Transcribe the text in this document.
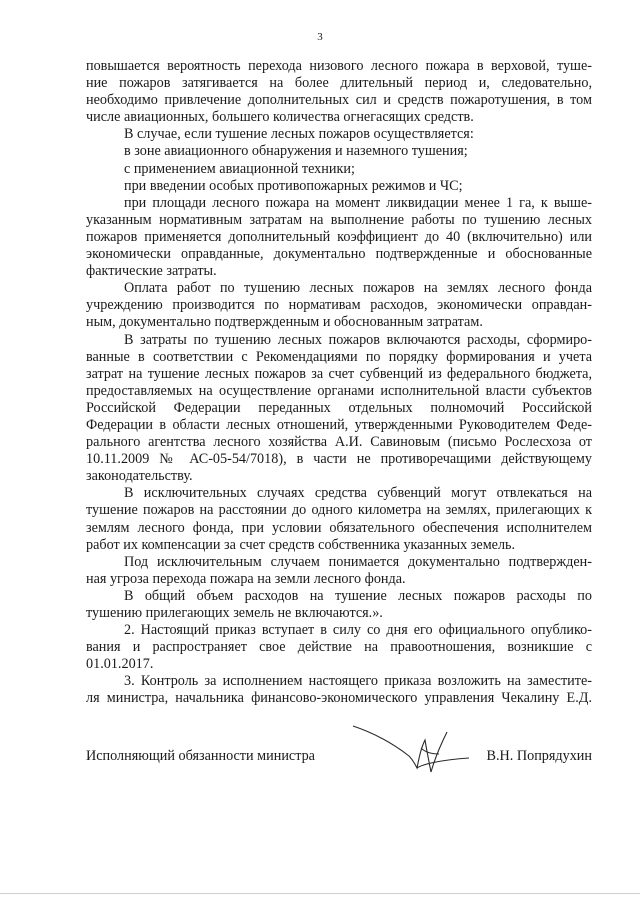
3
повышается вероятность перехода низового лесного пожара в верховой, туше-
ние пожаров затягивается на более длительный период и, следовательно,
необходимо привлечение дополнительных сил и средств пожаротушения, в том
числе авиационных, большего количества огнегасящих средств.
В случае, если тушение лесных пожаров осуществляется:
в зоне авиационного обнаружения и наземного тушения;
с применением авиационной техники;
при введении особых противопожарных режимов и ЧС;
при площади лесного пожара на момент ликвидации менее 1 га, к выше-
указанным нормативным затратам на выполнение работы по тушению лесных
пожаров применяется дополнительный коэффициент до 40 (включительно) или
экономически оправданные, документально подтвержденные и обоснованные
фактические затраты.
Оплата работ по тушению лесных пожаров на землях лесного фонда
учреждению производится по нормативам расходов, экономически оправдан-
ным, документально подтвержденным и обоснованным затратам.
В затраты по тушению лесных пожаров включаются расходы, сформиро-
ванные в соответствии с Рекомендациями по порядку формирования и учета
затрат на тушение лесных пожаров за счет субвенций из федерального бюджета,
предоставляемых на осуществление органами исполнительной власти субъектов
Российской Федерации переданных отдельных полномочий Российской
Федерации в области лесных отношений, утвержденными Руководителем Феде-
рального агентства лесного хозяйства А.И. Савиновым (письмо Рослесхоза от
10.11.2009 № АС-05-54/7018), в части не противоречащими действующему
законодательству.
В исключительных случаях средства субвенций могут отвлекаться на
тушение пожаров на расстоянии до одного километра на землях, прилегающих к
землям лесного фонда, при условии обязательного обеспечения исполнителем
работ их компенсации за счет средств собственника указанных земель.
Под исключительным случаем понимается документально подтвержден-
ная угроза перехода пожара на земли лесного фонда.
В общий объем расходов на тушение лесных пожаров расходы по
тушению прилегающих земель не включаются.».
2. Настоящий приказ вступает в силу со дня его официального опублико-
вания и распространяет свое действие на правоотношения, возникшие с
01.01.2017.
3. Контроль за исполнением настоящего приказа возложить на заместите-
ля министра, начальника финансово-экономического управления Чекалину Е.Д.
Исполняющий обязанности министра	В.Н. Попрядухин
